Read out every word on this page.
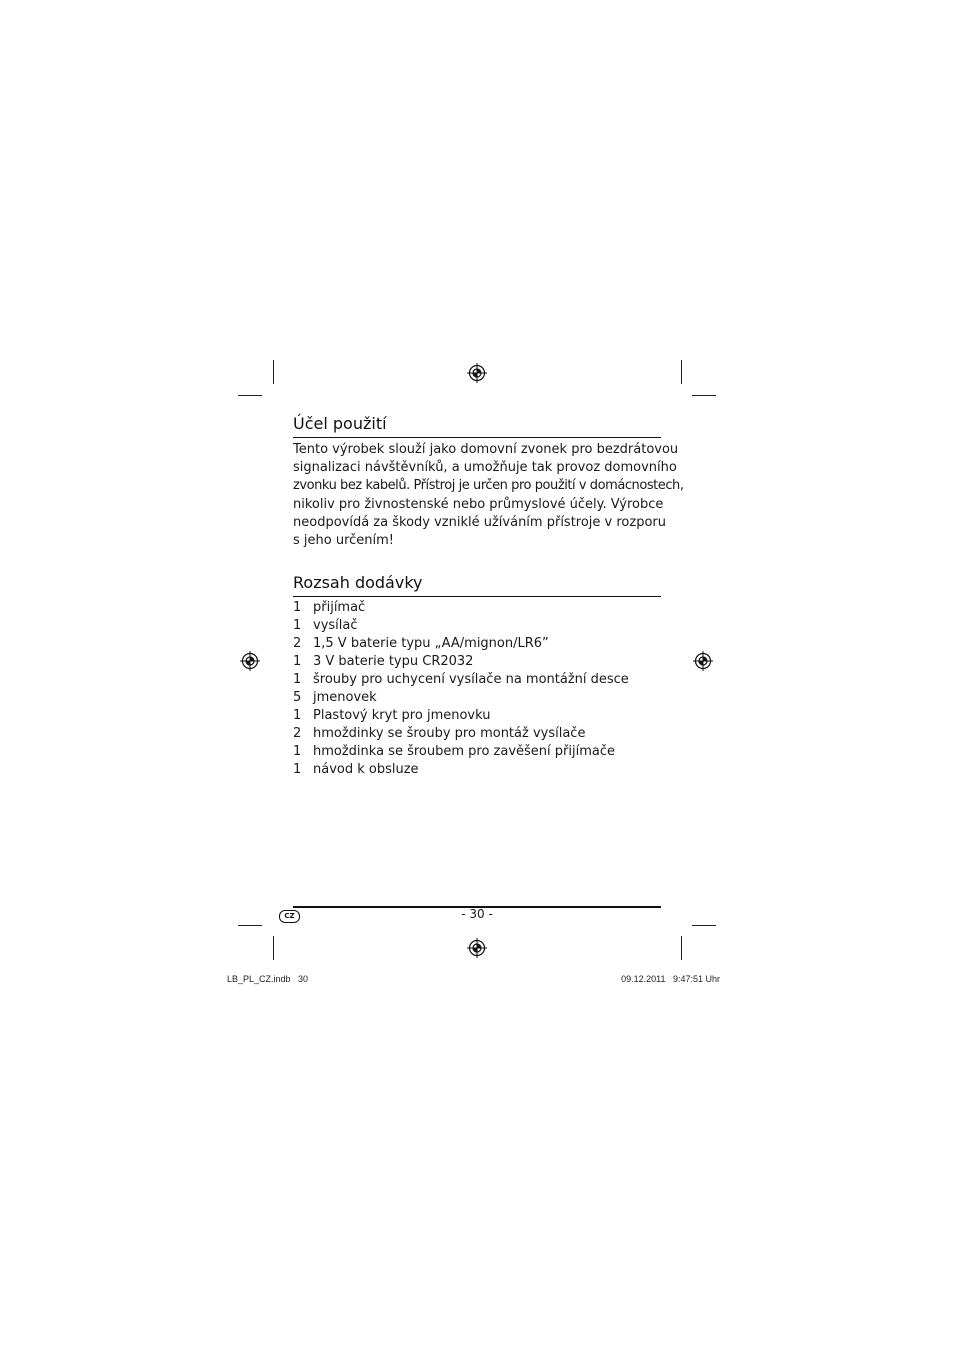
Účel použití

Tento výrobek slouží jako domovní zvonek pro bezdrátovou
signalizaci návštěvníků, a umožňuje tak provoz domovního
zvonku bez kabelů. Přístroj je určen pro použití v domácnostech,
nikoliv pro živnostenské nebo průmyslové účely. Výrobce
neodpovídá za škody vzniklé užíváním přístroje v rozporu
s jeho určením!

Rozsah dodávky
1 přijímač
1 vysílač
2 1,5 V baterie typu „AA/mignon/LR6”
1 3 V baterie typu CR2032
1 šrouby pro uchycení vysílače na montážní desce
5 jmenovek
1 Plastový kryt pro jmenovku
2 hmoždinky se šrouby pro montáž vysílače
1 hmoždinka se šroubem pro zavěšení přijímače
1 návod k obsluze
CZ	- 30 -
LB_PL_CZ.indb   30	09.12.2011   9:47:51 Uhr
